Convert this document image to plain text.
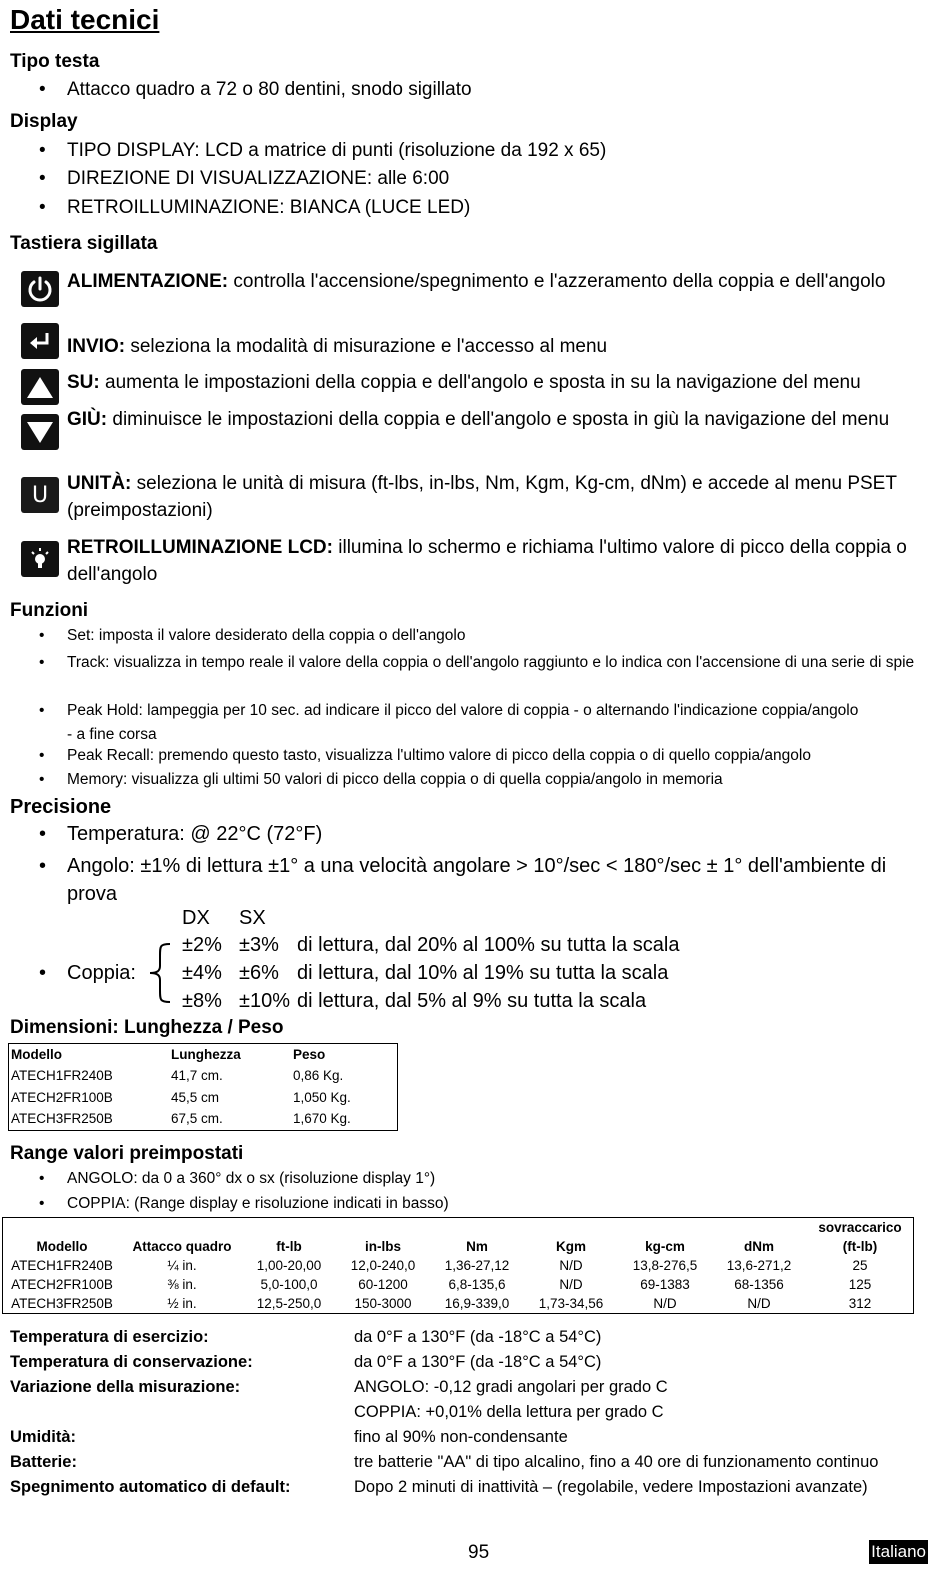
Dati tecnici
Tipo testa
• Attacco quadro a 72 o 80 dentini, snodo sigillato
Display
• TIPO DISPLAY: LCD a matrice di punti (risoluzione da 192 x 65)
• DIREZIONE DI VISUALIZZAZIONE: alle 6:00
• RETROILLUMINAZIONE: BIANCA (LUCE LED)
Tastiera sigillata
ALIMENTAZIONE: controlla l'accensione/spegnimento e l'azzeramento della coppia e dell'angolo
INVIO: seleziona la modalità di misurazione e l'accesso al menu
SU: aumenta le impostazioni della coppia e dell'angolo e sposta in su la navigazione del menu
GIÙ: diminuisce le impostazioni della coppia e dell'angolo e sposta in giù la navigazione del menu
U UNITÀ: seleziona le unità di misura (ft-lbs, in-lbs, Nm, Kgm, Kg-cm, dNm) e accede al menu PSET (preimpostazioni)
RETROILLUMINAZIONE LCD: illumina lo schermo e richiama l'ultimo valore di picco della coppia o dell'angolo
Funzioni
• Set: imposta il valore desiderato della coppia o dell'angolo
• Track: visualizza in tempo reale il valore della coppia o dell'angolo raggiunto e lo indica con l'accensione di una serie di spie
• Peak Hold: lampeggia per 10 sec. ad indicare il picco del valore di coppia - o alternando l'indicazione coppia/angolo - a fine corsa
• Peak Recall: premendo questo tasto, visualizza l'ultimo valore di picco della coppia o di quello coppia/angolo
• Memory: visualizza gli ultimi 50 valori di picco della coppia o di quella coppia/angolo in memoria
Precisione
• Temperatura: @ 22°C (72°F)
• Angolo: ±1% di lettura ±1° a una velocità angolare > 10°/sec < 180°/sec ± 1° dell'ambiente di prova
DX SX
• Coppia:
±2% ±3% di lettura, dal 20% al 100% su tutta la scala
±4% ±6% di lettura, dal 10% al 19% su tutta la scala
±8% ±10% di lettura, dal 5% al 9% su tutta la scala
Dimensioni: Lunghezza / Peso
Modello	Lunghezza	Peso
ATECH1FR240B	41,7 cm.	0,86 Kg.
ATECH2FR100B	45,5 cm	1,050 Kg.
ATECH3FR250B	67,5 cm.	1,670 Kg.
Range valori preimpostati
• ANGOLO: da 0 a 360° dx o sx (risoluzione display 1°)
• COPPIA: (Range display e risoluzione indicati in basso)
								sovraccarico
Modello	Attacco quadro	ft-lb	in-lbs	Nm	Kgm	kg-cm	dNm	(ft-lb)
ATECH1FR240B	¼ in.	1,00-20,00	12,0-240,0	1,36-27,12	N/D	13,8-276,5	13,6-271,2	25
ATECH2FR100B	⅜ in.	5,0-100,0	60-1200	6,8-135,6	N/D	69-1383	68-1356	125
ATECH3FR250B	½ in.	12,5-250,0	150-3000	16,9-339,0	1,73-34,56	N/D	N/D	312
Temperatura di esercizio:	da 0°F a 130°F (da -18°C a 54°C)
Temperatura di conservazione:	da 0°F a 130°F (da -18°C a 54°C)
Variazione della misurazione:	ANGOLO: -0,12 gradi angolari per grado C
COPPIA: +0,01% della lettura per grado C
Umidità:	fino al 90% non-condensante
Batterie:	tre batterie "AA" di tipo alcalino, fino a 40 ore di funzionamento continuo
Spegnimento automatico di default:	Dopo 2 minuti di inattività – (regolabile, vedere Impostazioni avanzate)
95	Italiano
